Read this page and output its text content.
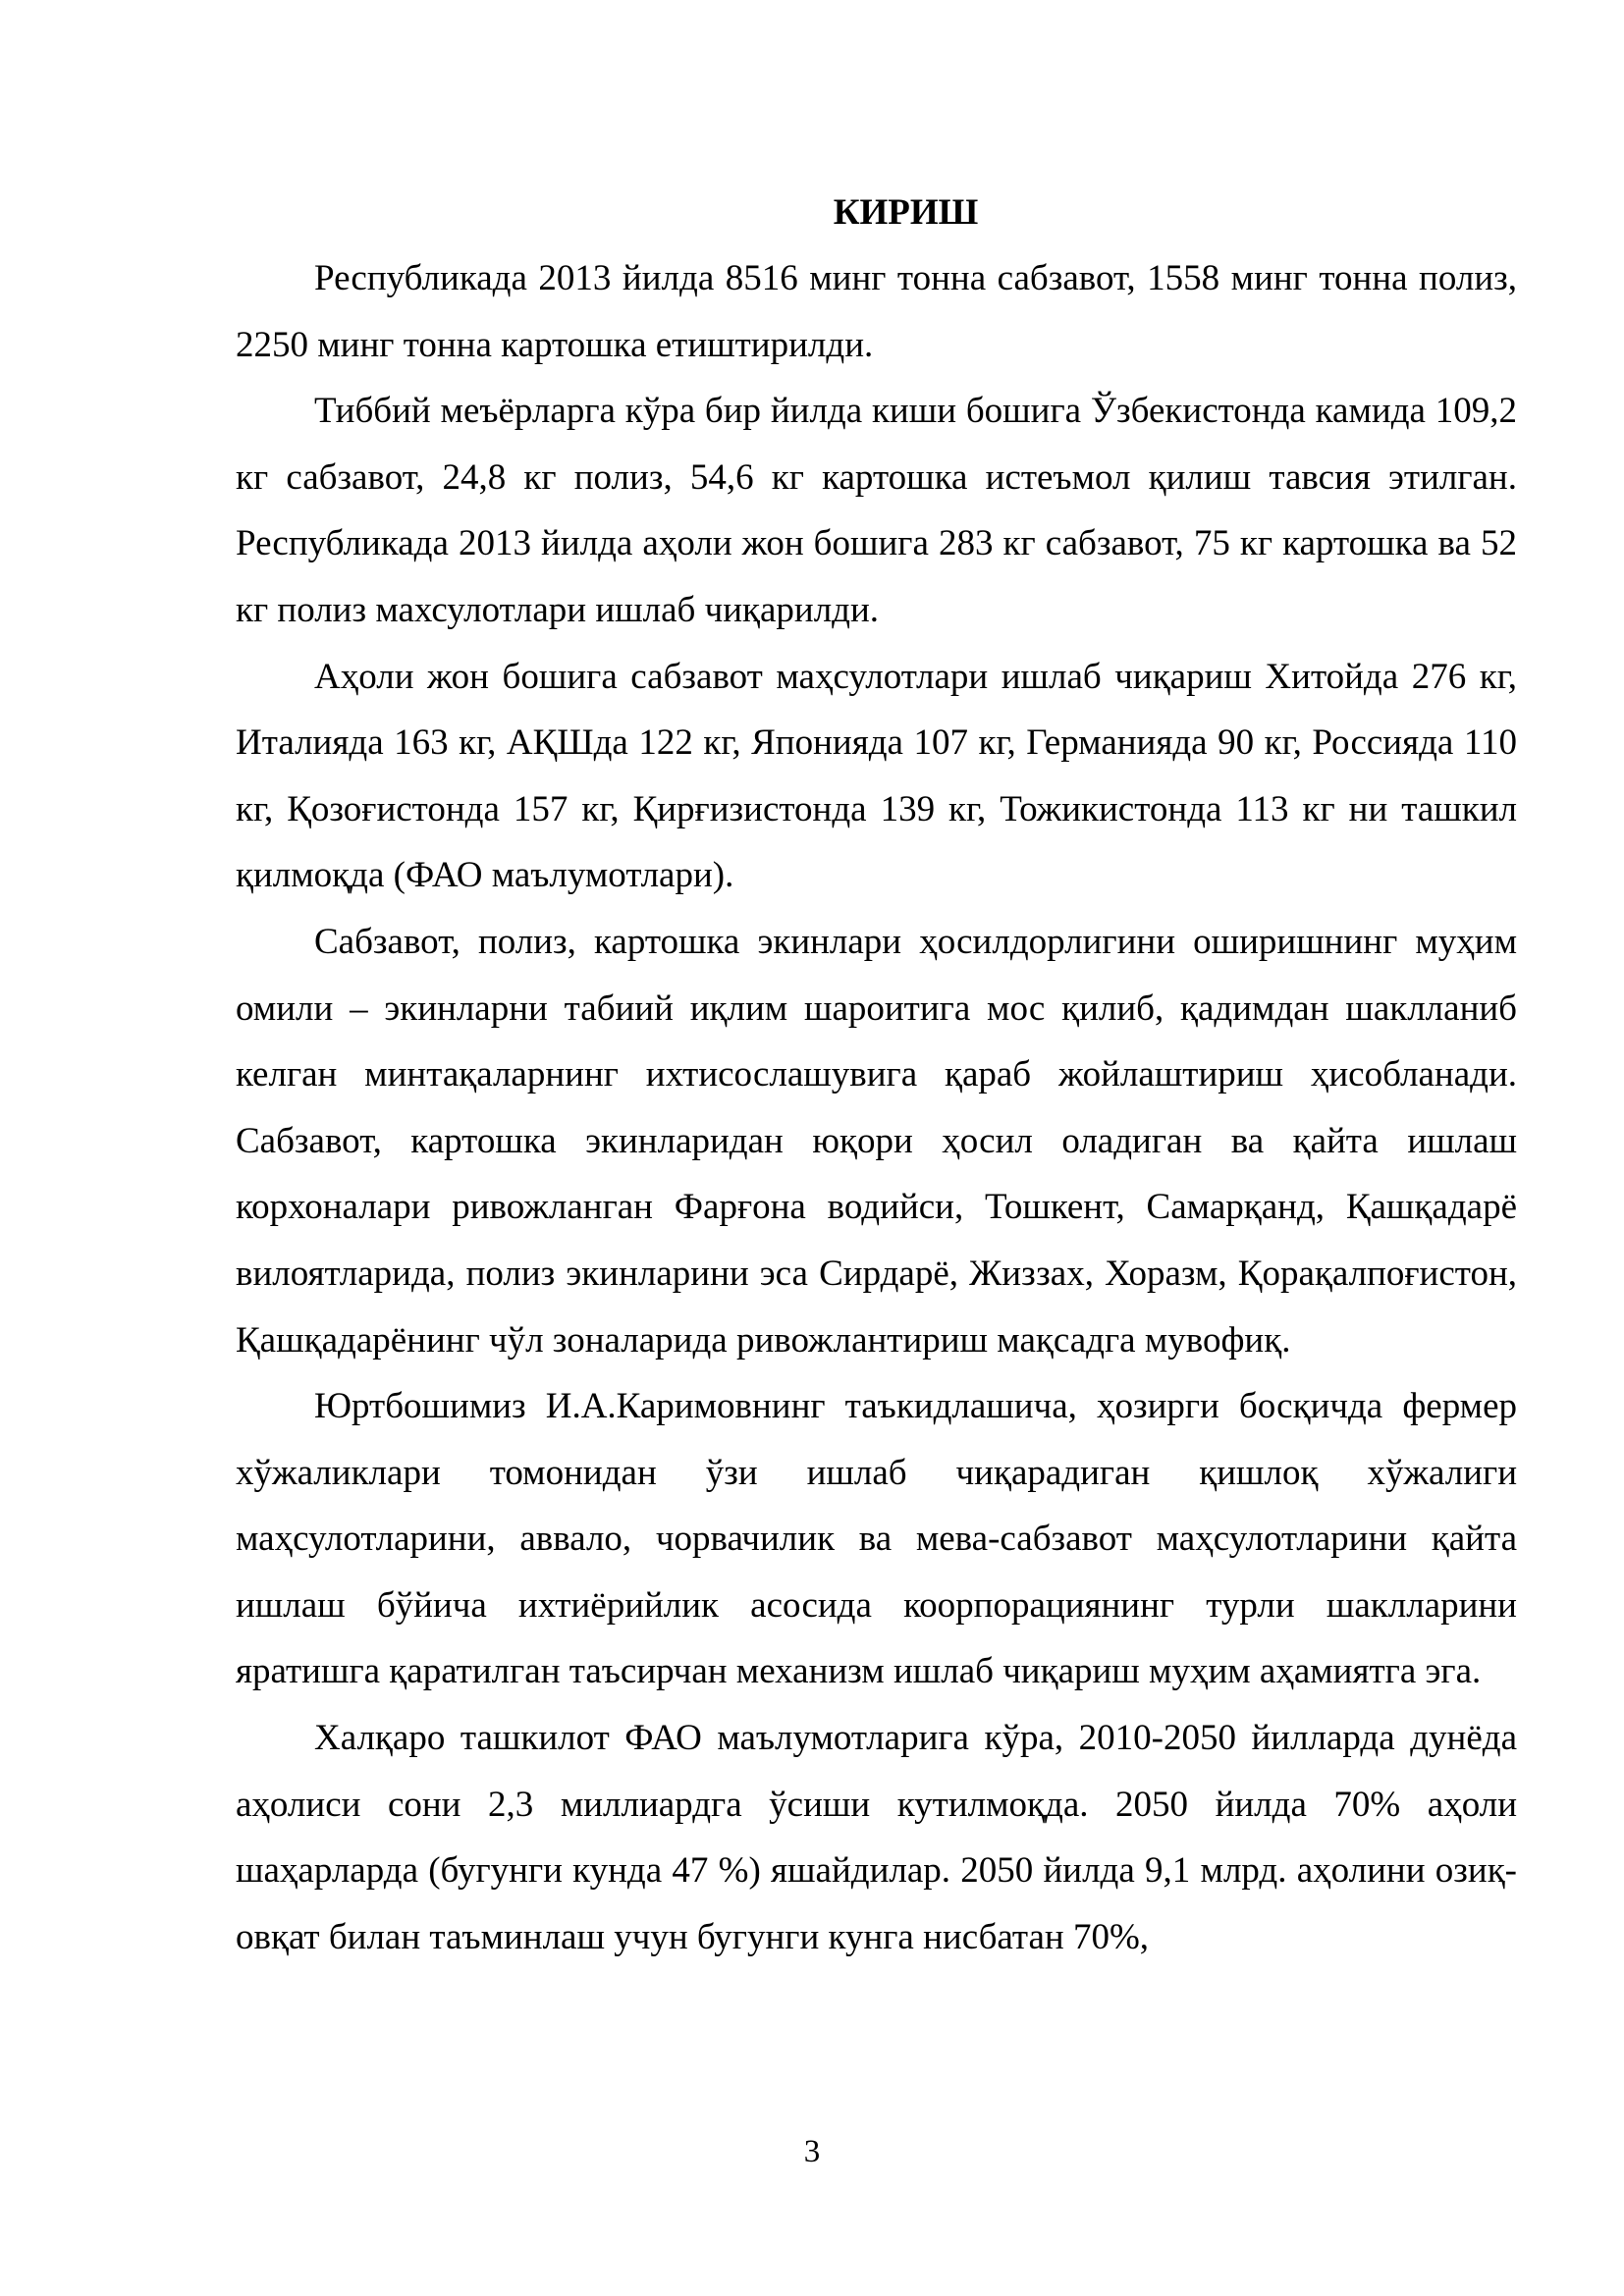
КИРИШ

Республикада 2013 йилда 8516 минг тонна сабзавот, 1558 минг тонна полиз, 2250 минг тонна картошка етиштирилди.

Тиббий меъёрларга кўра бир йилда киши бошига Ўзбекистонда камида 109,2 кг сабзавот, 24,8 кг полиз, 54,6 кг картошка истеъмол қилиш тавсия этилган. Республикада 2013 йилда аҳоли жон бошига 283 кг сабзавот, 75 кг картошка ва 52 кг полиз махсулотлари ишлаб чиқарилди.

Аҳоли жон бошига сабзавот маҳсулотлари ишлаб чиқариш Хитойда 276 кг, Италияда 163 кг, АҚШда 122 кг, Японияда 107 кг, Германияда 90 кг, Россияда 110 кг, Қозоғистонда 157 кг, Қирғизистонда 139 кг, Тожикистонда 113 кг ни ташкил қилмоқда (ФАО маълумотлари).

Сабзавот, полиз, картошка экинлари ҳосилдорлигини оширишнинг муҳим омили – экинларни табиий иқлим шароитига мос қилиб, қадимдан шаклланиб келган минтақаларнинг ихтисослашувига қараб жойлаштириш ҳисобланади. Сабзавот, картошка экинларидан юқори ҳосил оладиган ва қайта ишлаш корхоналари ривожланган Фарғона водийси, Тошкент, Самарқанд, Қашқадарё вилоятларида, полиз экинларини эса Сирдарё, Жиззах, Хоразм, Қорақалпоғистон, Қашқадарёнинг чўл зоналарида ривожлантириш мақсадга мувофиқ.

Юртбошимиз И.А.Каримовнинг таъкидлашича, ҳозирги босқичда фермер хўжаликлари томонидан ўзи ишлаб чиқарадиган қишлоқ хўжалиги маҳсулотларини, аввало, чорвачилик ва мева-сабзавот маҳсулотларини қайта ишлаш бўйича ихтиёрийлик асосида коорпорациянинг турли шаклларини яратишга қаратилган таъсирчан механизм ишлаб чиқариш муҳим аҳамиятга эга.

Халқаро ташкилот ФАО маълумотларига кўра, 2010-2050 йилларда дунёда аҳолиси сони 2,3 миллиардга ўсиши кутилмоқда. 2050 йилда 70% аҳоли шаҳарларда (бугунги кунда 47 %) яшайдилар. 2050 йилда 9,1 млрд. аҳолини озиқ-овқат билан таъминлаш учун бугунги кунга нисбатан 70%,

3
